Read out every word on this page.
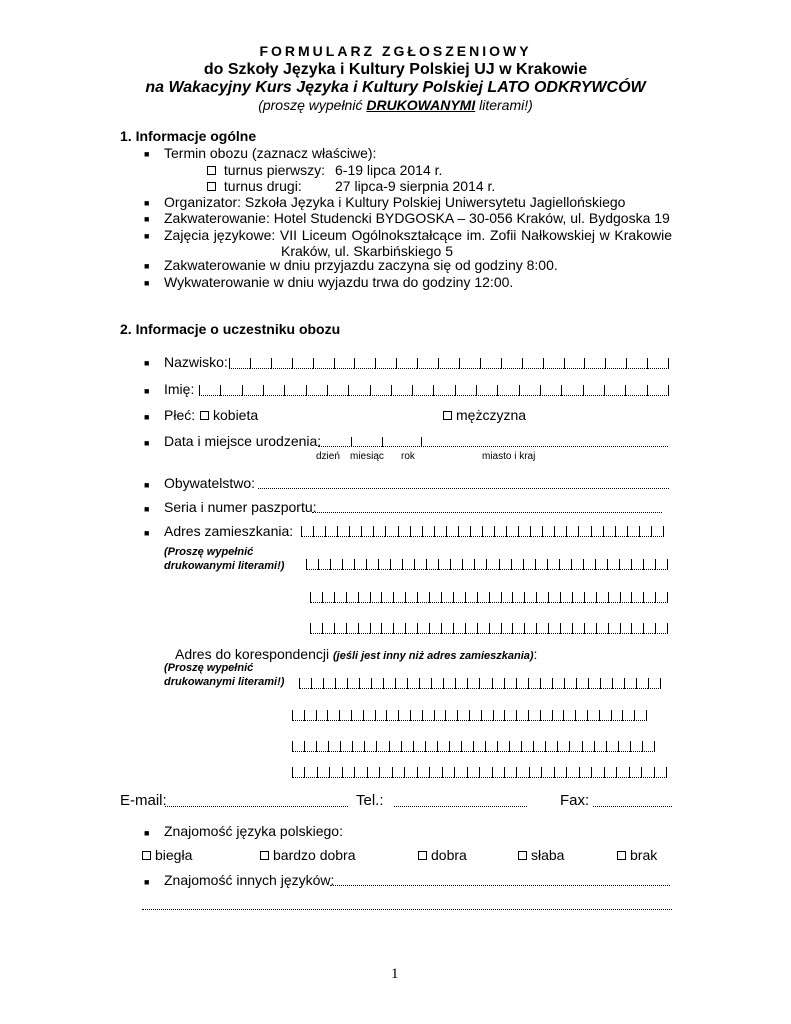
FORMULARZ ZGŁOSZENIOWY
do Szkoły Języka i Kultury Polskiej UJ w Krakowie
na Wakacyjny Kurs Języka i Kultury Polskiej LATO ODKRYWCÓW
(proszę wypełnić DRUKOWANYMI literami!)
1. Informacje ogólne
■ Termin obozu (zaznacz właściwe):
turnus pierwszy: 6-19 lipca 2014 r.
turnus drugi: 27 lipca-9 sierpnia 2014 r.
■ Organizator: Szkoła Języka i Kultury Polskiej Uniwersytetu Jagiellońskiego
■ Zakwaterowanie: Hotel Studencki BYDGOSKA – 30-056 Kraków, ul. Bydgoska 19
■ Zajęcia językowe: VII Liceum Ogólnokształcące im. Zofii Nałkowskiej w Krakowie
Kraków, ul. Skarbińskiego 5
■ Zakwaterowanie w dniu przyjazdu zaczyna się od godziny 8:00.
■ Wykwaterowanie w dniu wyjazdu trwa do godziny 12:00.
2. Informacje o uczestniku obozu
■ Nazwisko:
■ Imię:
■ Płeć:	kobieta	mężczyzna
■ Data i miejsce urodzenia:
dzień miesiąc rok	miasto i kraj
■ Obywatelstwo:
■ Seria i numer paszportu:
■ Adres zamieszkania:
(Proszę wypełnić
drukowanymi literami!)
Adres do korespondencji (jeśli jest inny niż adres zamieszkania):
(Proszę wypełnić
drukowanymi literami!)
E-mail:	Tel.:	Fax:
■ Znajomość języka polskiego:
biegła	bardzo dobra	dobra	słaba	brak
■ Znajomość innych języków:
1
